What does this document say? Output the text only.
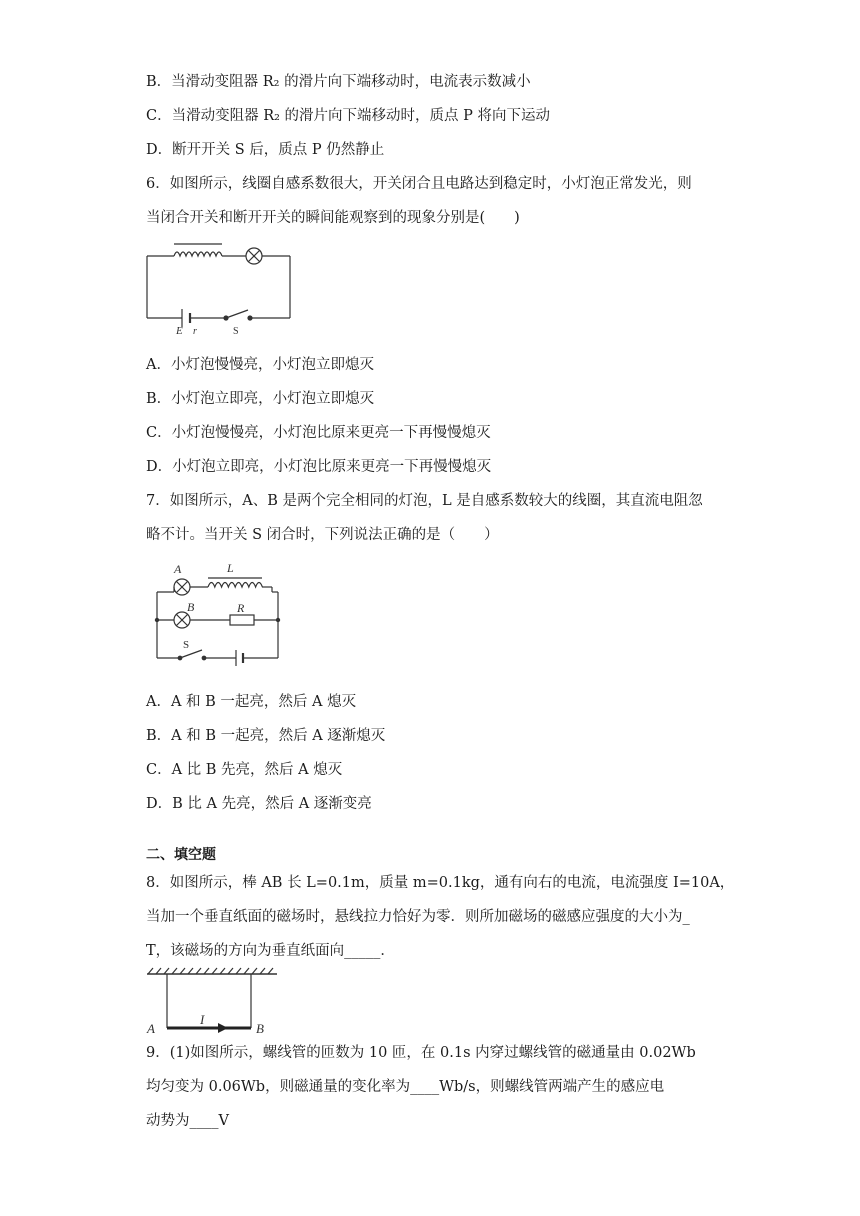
B．当滑动变阻器 R₂ 的滑片向下端移动时，电流表示数减小
C．当滑动变阻器 R₂ 的滑片向下端移动时，质点 P 将向下运动
D．断开开关 S 后，质点 P 仍然静止
6．如图所示，线圈自感系数很大，开关闭合且电路达到稳定时，小灯泡正常发光，则
当闭合开关和断开开关的瞬间能观察到的现象分别是(　　)
E r	S
A．小灯泡慢慢亮，小灯泡立即熄灭
B．小灯泡立即亮，小灯泡立即熄灭
C．小灯泡慢慢亮，小灯泡比原来更亮一下再慢慢熄灭
D．小灯泡立即亮，小灯泡比原来更亮一下再慢慢熄灭
7．如图所示，A、B 是两个完全相同的灯泡，L 是自感系数较大的线圈，其直流电阻忽
略不计。当开关 S 闭合时，下列说法正确的是（　　）
A	L
B	R
S
A．A 和 B 一起亮，然后 A 熄灭
B．A 和 B 一起亮，然后 A 逐渐熄灭
C．A 比 B 先亮，然后 A 熄灭
D．B 比 A 先亮，然后 A 逐渐变亮
二、填空题
8．如图所示，棒 AB 长 L=0.1m，质量 m=0.1kg，通有向右的电流，电流强度 I=10A，
当加一个垂直纸面的磁场时，悬线拉力恰好为零．则所加磁场的磁感应强度的大小为_
T，该磁场的方向为垂直纸面向_____．
I
A	B
9．(1)如图所示，螺线管的匝数为 10 匝，在 0.1s 内穿过螺线管的磁通量由 0.02Wb
均匀变为 0.06Wb，则磁通量的变化率为____Wb/s，则螺线管两端产生的感应电
动势为____V
